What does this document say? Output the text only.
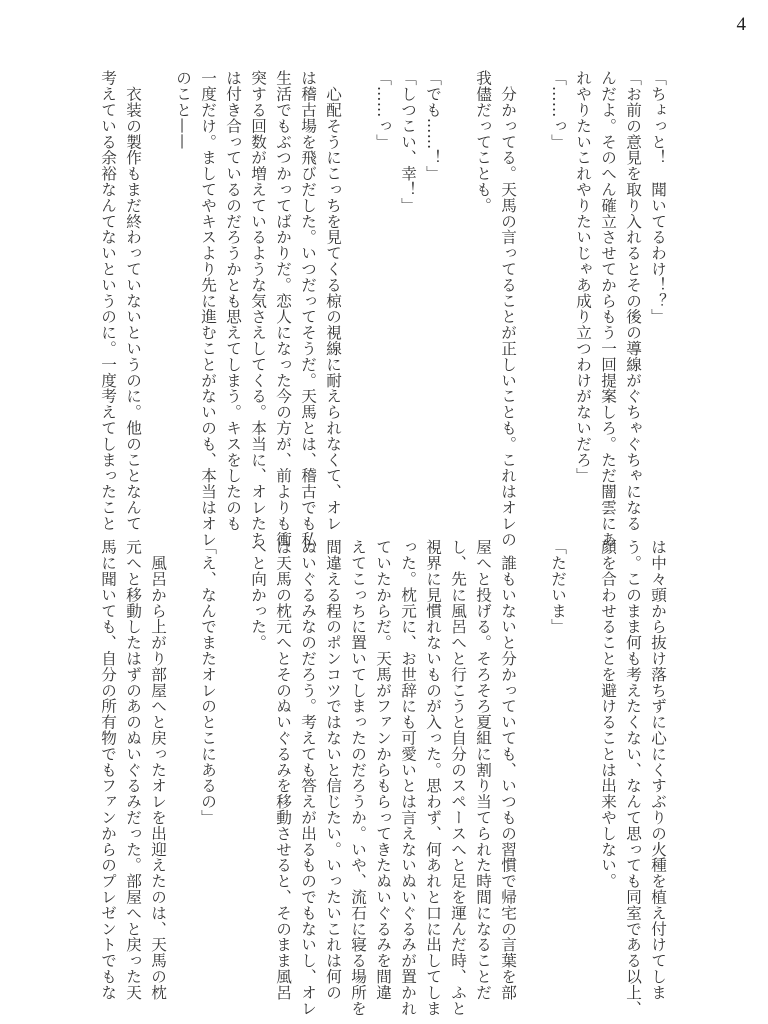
4
「ちょっと！　聞いてるわけ！？」
「お前の意見を取り入れるとその後の導線がぐちゃぐちゃになる
んだよ。そのへん確立させてからもう一回提案しろ。ただ闇雲にあ
れやりたいこれやりたいじゃあ成り立つわけがないだろ」
「……っ」
　分かってる。天馬の言ってることが正しいことも。これはオレの
我儘だってことも。
「でも……！」
「しつこい、幸！」
「……っ」
　心配そうにこっちを見てくる椋の視線に耐えられなくて、オレ
は稽古場を飛びだした。いつだってそうだ。天馬とは、稽古でも私
生活でもぶつかってばかりだ。恋人になった今の方が、前よりも衝
突する回数が増えているような気さえしてくる。本当に、オレたち
は付き合っているのだろうかとも思えてしまう。キスをしたのも
一度だけ。ましてやキスより先に進むことがないのも、本当はオレ
のこと——
　衣装の製作もまだ終わっていないというのに。他のことなんて
考えている余裕なんてないというのに。一度考えてしまったこと
は中々頭から抜け落ちずに心にくすぶりの火種を植え付けてしま
う。このまま何も考えたくない、なんて思っても同室である以上、
顔を合わせることを避けることは出来やしない。
「ただいま」
　誰もいないと分かっていても、いつもの習慣で帰宅の言葉を部
屋へと投げる。そろそろ夏組に割り当てられた時間になることだ
し、先に風呂へと行こうと自分のスペースへと足を運んだ時、ふと
視界に見慣れないものが入った。思わず、何あれと口に出してしま
った。枕元に、お世辞にも可愛いとは言えないぬいぐるみが置かれ
ていたからだ。天馬がファンからもらってきたぬいぐるみを間違
えてこっちに置いてしまったのだろうか。いや、流石に寝る場所を
間違える程のポンコツではないと信じたい。いったいこれは何の
ぬいぐるみなのだろう。考えても答えが出るものでもないし、オレ
は天馬の枕元へとそのぬいぐるみを移動させると、そのまま風呂
へと向かった。
「え、なんでまたオレのとこにあるの」
　風呂から上がり部屋へと戻ったオレを出迎えたのは、天馬の枕
元へと移動したはずのあのぬいぐるみだった。部屋へと戻った天
馬に聞いても、自分の所有物でもファンからのプレゼントでもな
